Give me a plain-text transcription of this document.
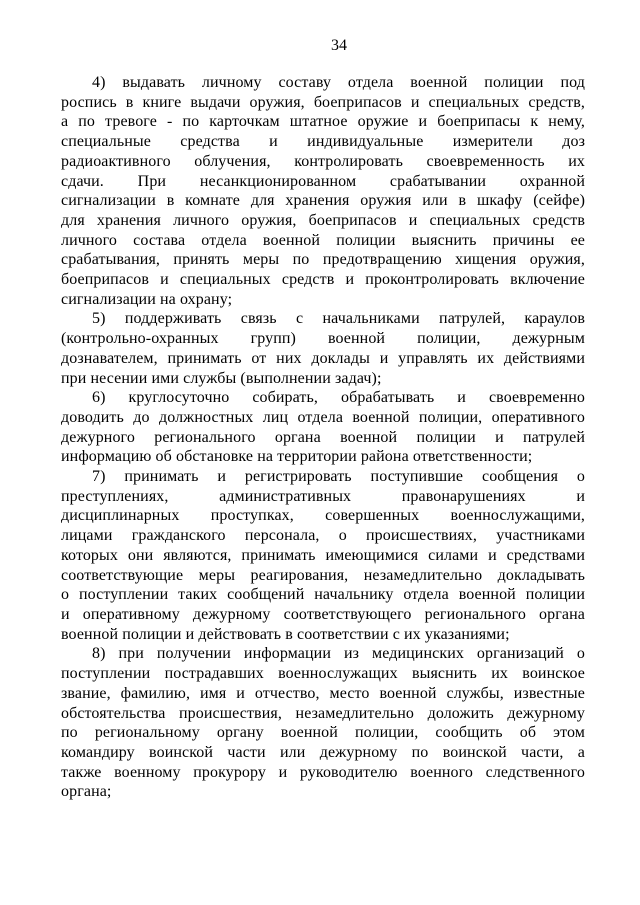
34
4) выдавать личному составу отдела военной полиции под
роспись в книге выдачи оружия, боеприпасов и специальных средств,
а по тревоге - по карточкам штатное оружие и боеприпасы к нему,
специальные средства и индивидуальные измерители доз
радиоактивного облучения, контролировать своевременность их
сдачи. При несанкционированном срабатывании охранной
сигнализации в комнате для хранения оружия или в шкафу (сейфе)
для хранения личного оружия, боеприпасов и специальных средств
личного состава отдела военной полиции выяснить причины ее
срабатывания, принять меры по предотвращению хищения оружия,
боеприпасов и специальных средств и проконтролировать включение
сигнализации на охрану;
5) поддерживать связь с начальниками патрулей, караулов
(контрольно-охранных групп) военной полиции, дежурным
дознавателем, принимать от них доклады и управлять их действиями
при несении ими службы (выполнении задач);
6) круглосуточно собирать, обрабатывать и своевременно
доводить до должностных лиц отдела военной полиции, оперативного
дежурного регионального органа военной полиции и патрулей
информацию об обстановке на территории района ответственности;
7) принимать и регистрировать поступившие сообщения о
преступлениях, административных правонарушениях и
дисциплинарных проступках, совершенных военнослужащими,
лицами гражданского персонала, о происшествиях, участниками
которых они являются, принимать имеющимися силами и средствами
соответствующие меры реагирования, незамедлительно докладывать
о поступлении таких сообщений начальнику отдела военной полиции
и оперативному дежурному соответствующего регионального органа
военной полиции и действовать в соответствии с их указаниями;
8) при получении информации из медицинских организаций о
поступлении пострадавших военнослужащих выяснить их воинское
звание, фамилию, имя и отчество, место военной службы, известные
обстоятельства происшествия, незамедлительно доложить дежурному
по региональному органу военной полиции, сообщить об этом
командиру воинской части или дежурному по воинской части, а
также военному прокурору и руководителю военного следственного
органа;
